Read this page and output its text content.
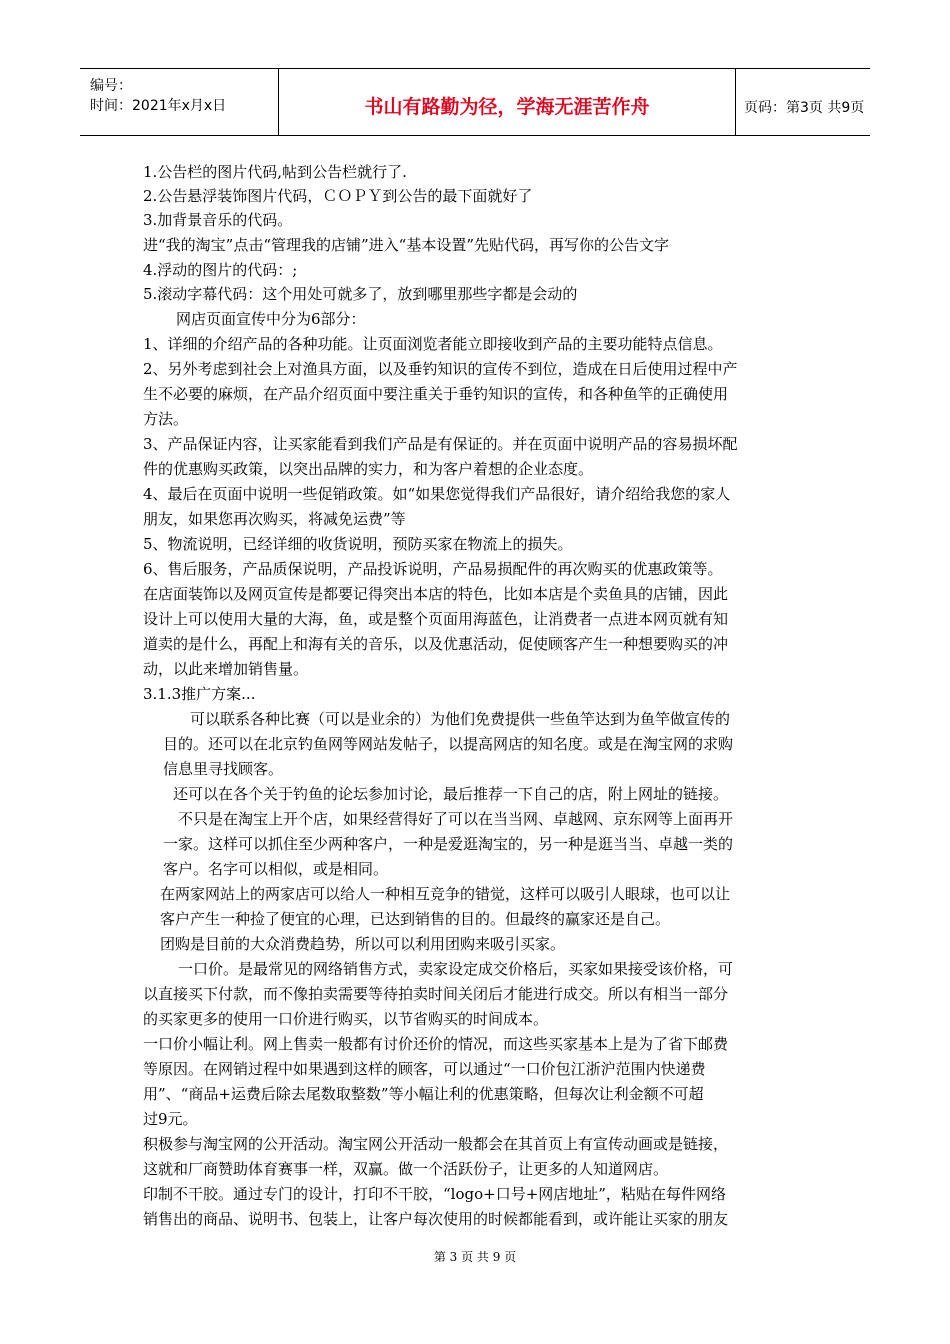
编号：
时间：2021年x月x日	书山有路勤为径，学海无涯苦作舟	页码：第3页 共9页
1.公告栏的图片代码,帖到公告栏就行了.
2.公告悬浮装饰图片代码，ＣＯＰＹ到公告的最下面就好了
3.加背景音乐的代码。
进“我的淘宝”点击“管理我的店铺”进入“基本设置”先贴代码，再写你的公告文字
4.浮动的图片的代码：;
5.滚动字幕代码：这个用处可就多了，放到哪里那些字都是会动的
网店页面宣传中分为6部分：
1、详细的介绍产品的各种功能。让页面浏览者能立即接收到产品的主要功能特点信息。
2、另外考虑到社会上对渔具方面，以及垂钓知识的宣传不到位，造成在日后使用过程中产
生不必要的麻烦，在产品介绍页面中要注重关于垂钓知识的宣传，和各种鱼竿的正确使用
方法。
3、产品保证内容，让买家能看到我们产品是有保证的。并在页面中说明产品的容易损坏配
件的优惠购买政策，以突出品牌的实力，和为客户着想的企业态度。
4、最后在页面中说明一些促销政策。如“如果您觉得我们产品很好，请介绍给我您的家人
朋友，如果您再次购买，将减免运费”等
5、物流说明，已经详细的收货说明，预防买家在物流上的损失。
6、售后服务，产品质保说明，产品投诉说明，产品易损配件的再次购买的优惠政策等。
在店面装饰以及网页宣传是都要记得突出本店的特色，比如本店是个卖鱼具的店铺，因此
设计上可以使用大量的大海，鱼，或是整个页面用海蓝色，让消费者一点进本网页就有知
道卖的是什么，再配上和海有关的音乐，以及优惠活动，促使顾客产生一种想要购买的冲
动，以此来增加销售量。
3.1.3推广方案...
可以联系各种比赛（可以是业余的）为他们免费提供一些鱼竿达到为鱼竿做宣传的
目的。还可以在北京钓鱼网等网站发帖子，以提高网店的知名度。或是在淘宝网的求购
信息里寻找顾客。
还可以在各个关于钓鱼的论坛参加讨论，最后推荐一下自己的店，附上网址的链接。
不只是在淘宝上开个店，如果经营得好了可以在当当网、卓越网、京东网等上面再开
一家。这样可以抓住至少两种客户，一种是爱逛淘宝的，另一种是逛当当、卓越一类的
客户。名字可以相似，或是相同。
在两家网站上的两家店可以给人一种相互竞争的错觉，这样可以吸引人眼球，也可以让
客户产生一种捡了便宜的心理，已达到销售的目的。但最终的赢家还是自己。
团购是目前的大众消费趋势，所以可以利用团购来吸引买家。
一口价。是最常见的网络销售方式，卖家设定成交价格后，买家如果接受该价格，可
以直接买下付款，而不像拍卖需要等待拍卖时间关闭后才能进行成交。所以有相当一部分
的买家更多的使用一口价进行购买，以节省购买的时间成本。
一口价小幅让利。网上售卖一般都有讨价还价的情况，而这些买家基本上是为了省下邮费
等原因。在网销过程中如果遇到这样的顾客，可以通过“一口价包江浙沪范围内快递费
用”、“商品+运费后除去尾数取整数”等小幅让利的优惠策略，但每次让利金额不可超
过9元。
积极参与淘宝网的公开活动。淘宝网公开活动一般都会在其首页上有宣传动画或是链接，
这就和厂商赞助体育赛事一样，双赢。做一个活跃份子，让更多的人知道网店。
印制不干胶。通过专门的设计，打印不干胶，“logo+口号+网店地址”，粘贴在每件网络
销售出的商品、说明书、包装上，让客户每次使用的时候都能看到，或许能让买家的朋友
第 3 页 共 9 页
